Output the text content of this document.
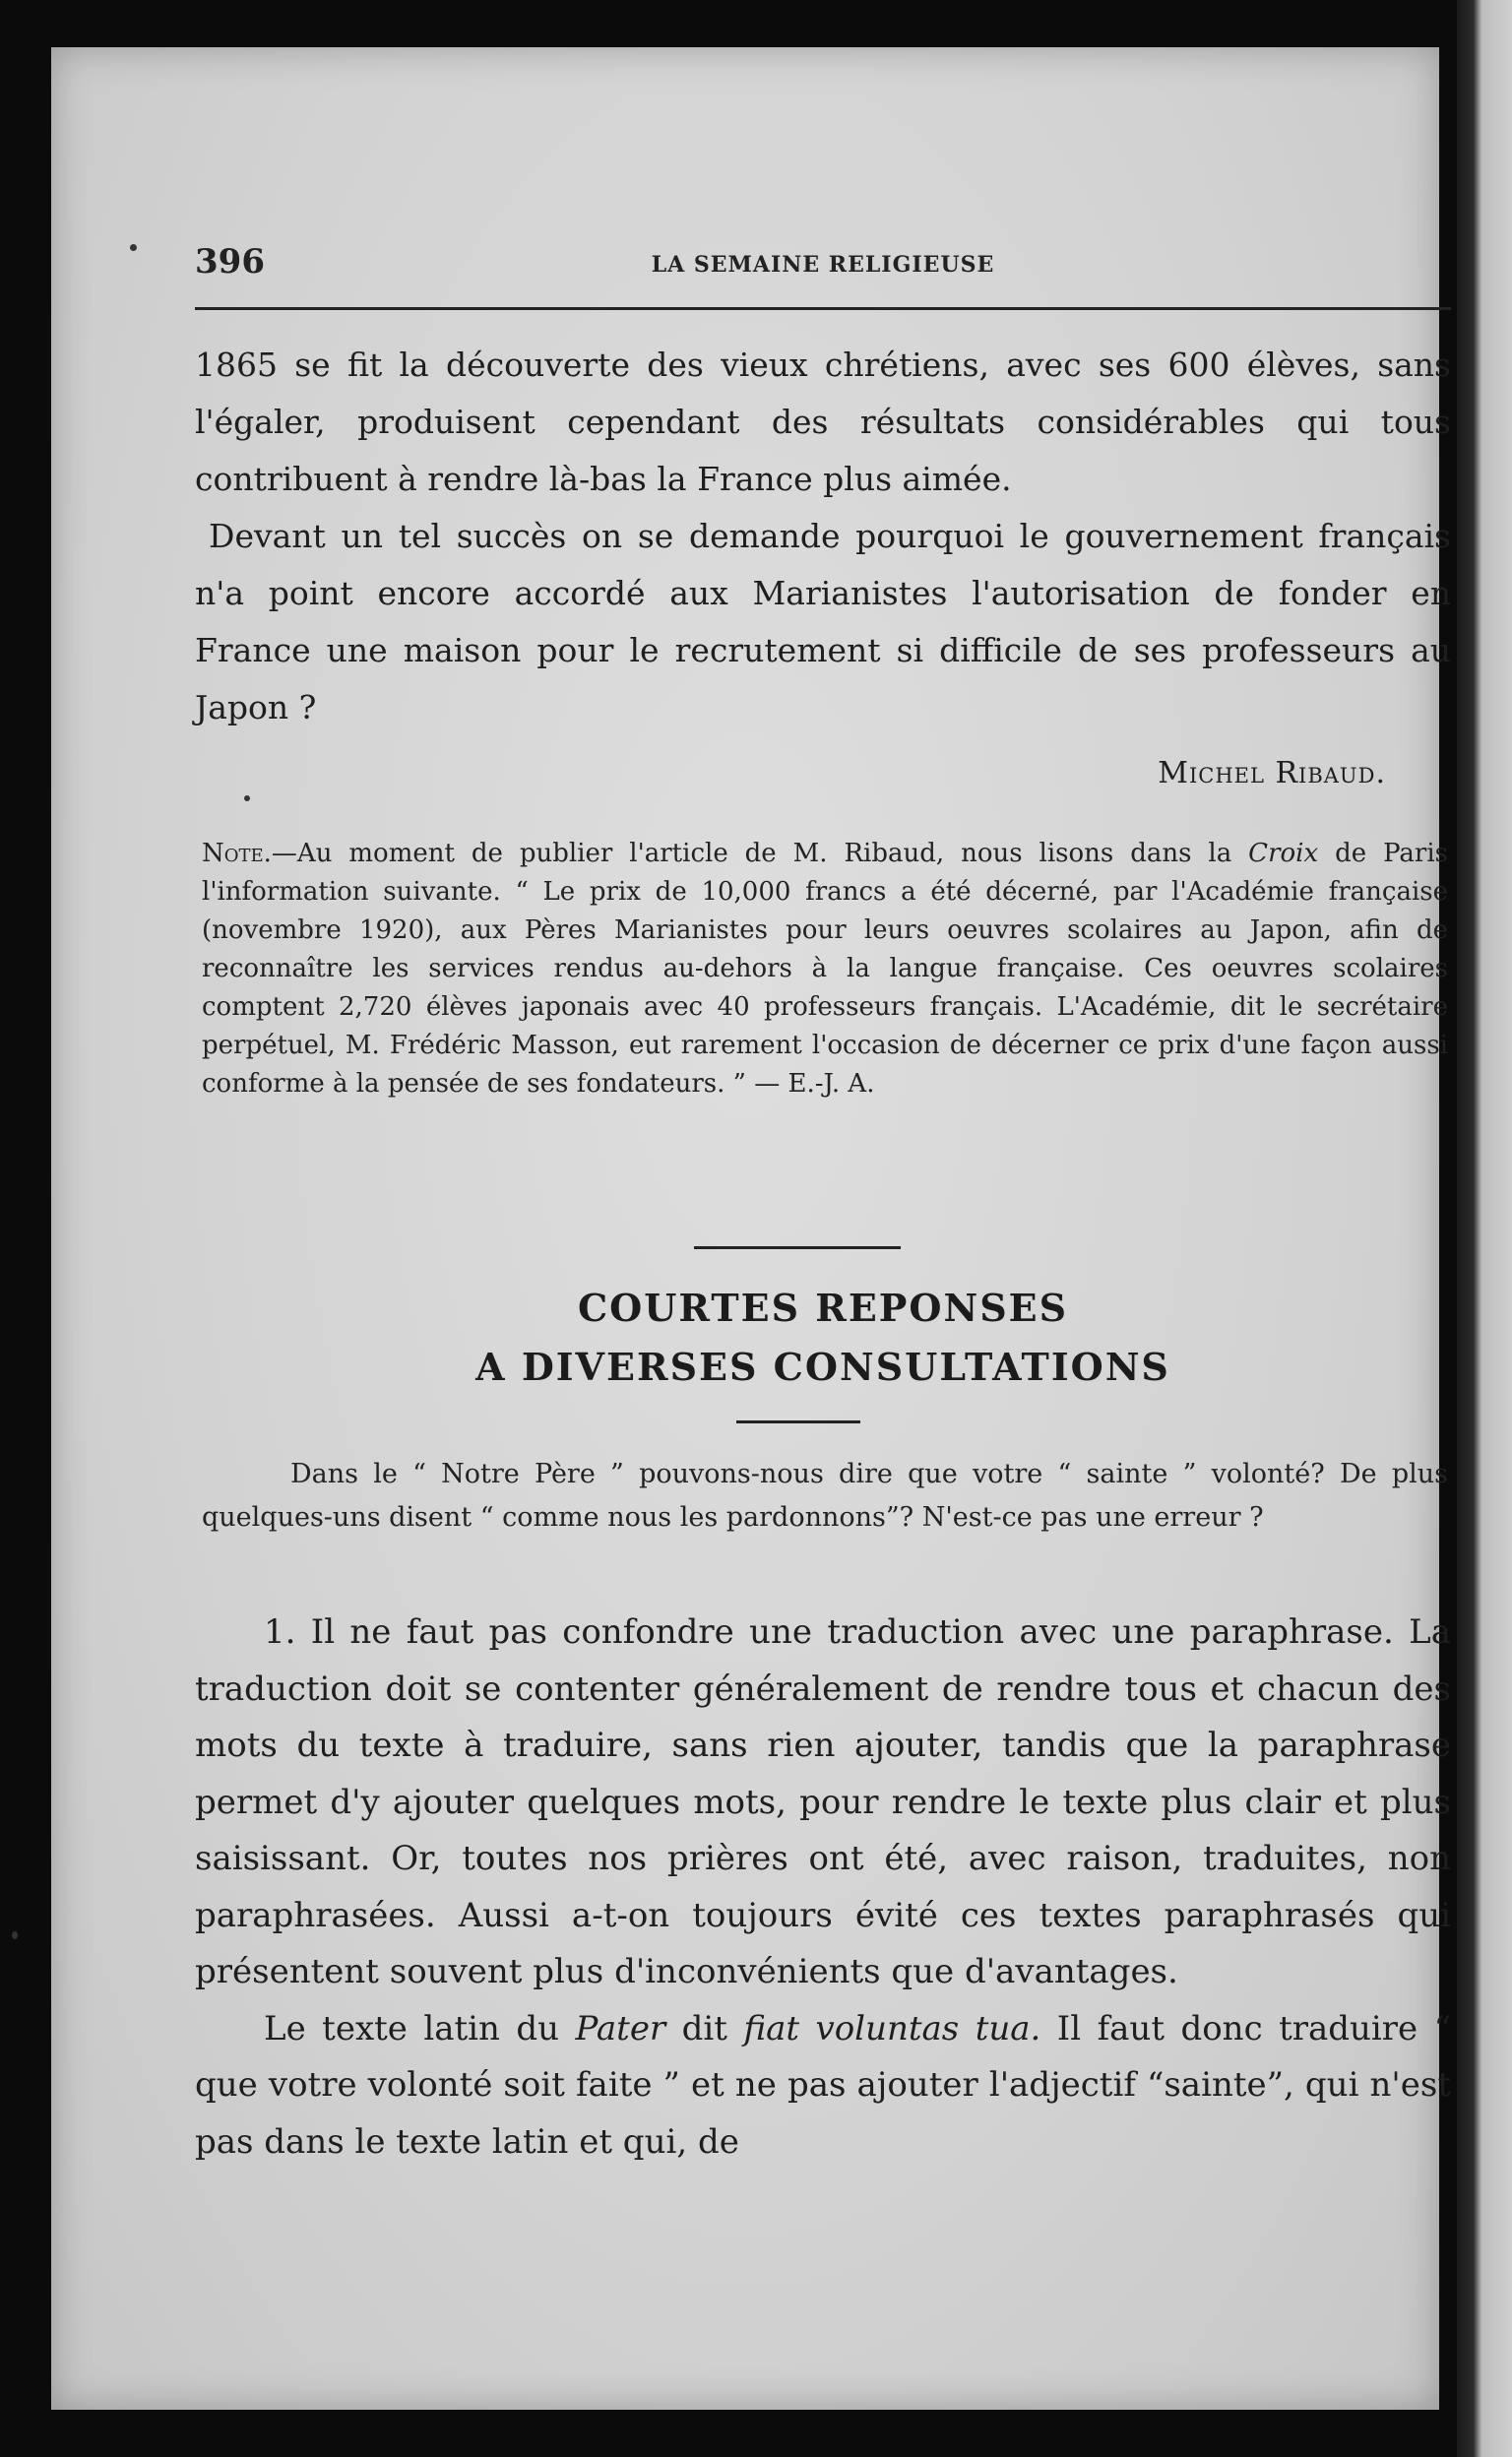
396	LA SEMAINE RELIGIEUSE

1865 se fit la découverte des vieux chrétiens, avec ses 600 élèves, sans l'égaler, produisent cependant des résultats considérables qui tous contribuent à rendre là-bas la France plus aimée.

Devant un tel succès on se demande pourquoi le gouvernement français n'a point encore accordé aux Marianistes l'autorisation de fonder en France une maison pour le recrutement si difficile de ses professeurs au Japon ?

Michel Ribaud.
Note.—Au moment de publier l'article de M. Ribaud, nous lisons dans la Croix de Paris l'information suivante. “ Le prix de 10,000 francs a été décerné, par l'Académie française (novembre 1920), aux Pères Marianistes pour leurs oeuvres scolaires au Japon, afin de reconnaître les services rendus au-dehors à la langue française. Ces oeuvres scolaires comptent 2,720 élèves japonais avec 40 professeurs français. L'Académie, dit le secrétaire perpétuel, M. Frédéric Masson, eut rarement l'occasion de décerner ce prix d'une façon aussi conforme à la pensée de ses fondateurs. ” — E.-J. A.
COURTES REPONSES
A DIVERSES CONSULTATIONS
Dans le “ Notre Père ” pouvons-nous dire que votre “ sainte ” volonté? De plus quelques-uns disent “ comme nous les pardonnons”? N'est-ce pas une erreur ?

1. Il ne faut pas confondre une traduction avec une paraphrase. La traduction doit se contenter généralement de rendre tous et chacun des mots du texte à traduire, sans rien ajouter, tandis que la paraphrase permet d'y ajouter quelques mots, pour rendre le texte plus clair et plus saisissant. Or, toutes nos prières ont été, avec raison, traduites, non paraphrasées. Aussi a-t-on toujours évité ces textes paraphrasés qui présentent souvent plus d'inconvénients que d'avantages.

Le texte latin du Pater dit fiat voluntas tua. Il faut donc traduire “ que votre volonté soit faite ” et ne pas ajouter l'adjectif “sainte”, qui n'est pas dans le texte latin et qui, de
